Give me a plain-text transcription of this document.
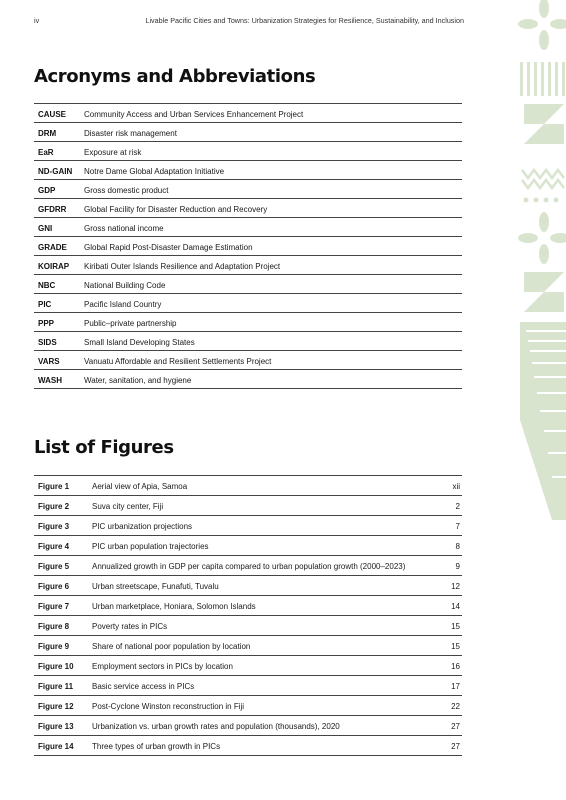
iv	Livable Pacific Cities and Towns: Urbanization Strategies for Resilience, Sustainability, and Inclusion
Acronyms and Abbreviations
CAUSE	Community Access and Urban Services Enhancement Project
DRM	Disaster risk management
EaR	Exposure at risk
ND-GAIN	Notre Dame Global Adaptation Initiative
GDP	Gross domestic product
GFDRR	Global Facility for Disaster Reduction and Recovery
GNI	Gross national income
GRADE	Global Rapid Post-Disaster Damage Estimation
KOIRAP	Kiribati Outer Islands Resilience and Adaptation Project
NBC	National Building Code
PIC	Pacific Island Country
PPP	Public–private partnership
SIDS	Small Island Developing States
VARS	Vanuatu Affordable and Resilient Settlements Project
WASH	Water, sanitation, and hygiene
List of Figures
Figure 1	Aerial view of Apia, Samoa	xii
Figure 2	Suva city center, Fiji	2
Figure 3	PIC urbanization projections	7
Figure 4	PIC urban population trajectories	8
Figure 5	Annualized growth in GDP per capita compared to urban population growth (2000–2023)	9
Figure 6	Urban streetscape, Funafuti, Tuvalu	12
Figure 7	Urban marketplace, Honiara, Solomon Islands	14
Figure 8	Poverty rates in PICs	15
Figure 9	Share of national poor population by location	15
Figure 10	Employment sectors in PICs by location	16
Figure 11	Basic service access in PICs	17
Figure 12	Post-Cyclone Winston reconstruction in Fiji	22
Figure 13	Urbanization vs. urban growth rates and population (thousands), 2020	27
Figure 14	Three types of urban growth in PICs	27
